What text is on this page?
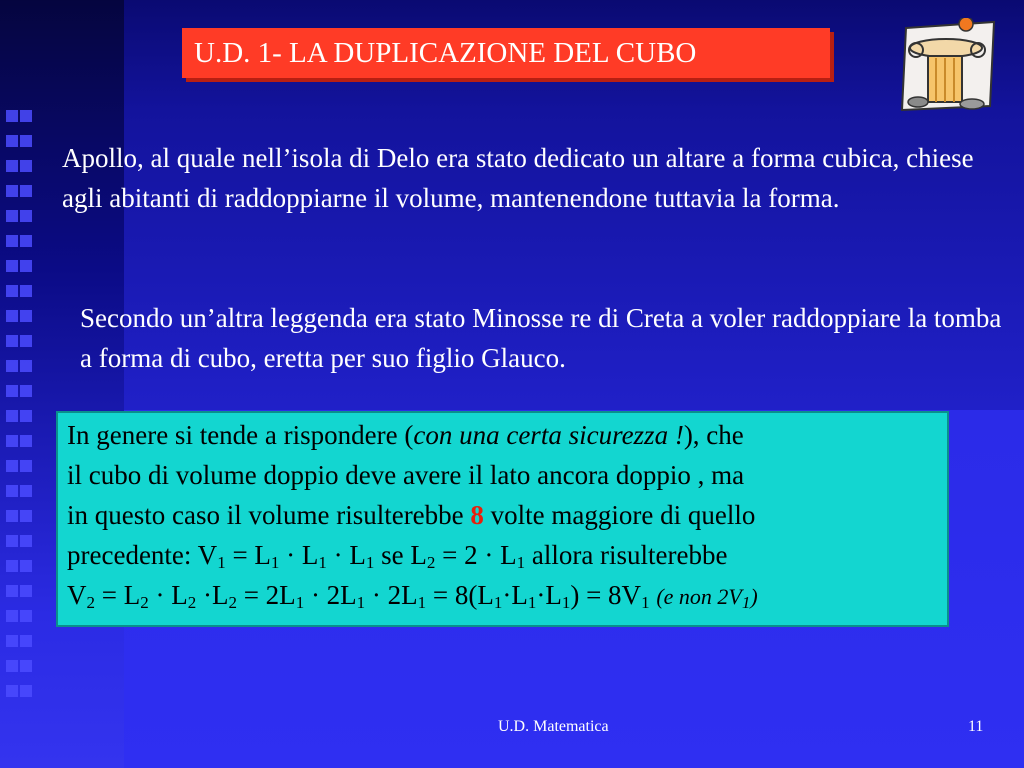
U.D. 1- LA DUPLICAZIONE DEL CUBO
Apollo, al quale nell’isola di Delo era stato dedicato un altare a forma cubica, chiese agli abitanti di raddoppiarne il volume, mantenendone tuttavia la forma.
Secondo un’altra leggenda era stato Minosse re di Creta a voler raddoppiare la tomba a forma di cubo, eretta per suo figlio Glauco.
In genere si tende a rispondere (con una certa sicurezza !), che
il cubo di volume doppio deve avere il lato ancora doppio , ma
in questo caso il volume risulterebbe 8 volte maggiore di quello
precedente: $V_1 = L_1 \cdot L_1 \cdot L_1$ se $L_2 = 2 \cdot L_1$ allora risulterebbe
$V_2 = L_2 \cdot L_2 \cdot L_2 = 2L_1 \cdot 2L_1 \cdot 2L_1 = 8(L_1\cdot L_1\cdot L_1) = 8V_1$ (e non $2V_1$)
U.D. Matematica	11
